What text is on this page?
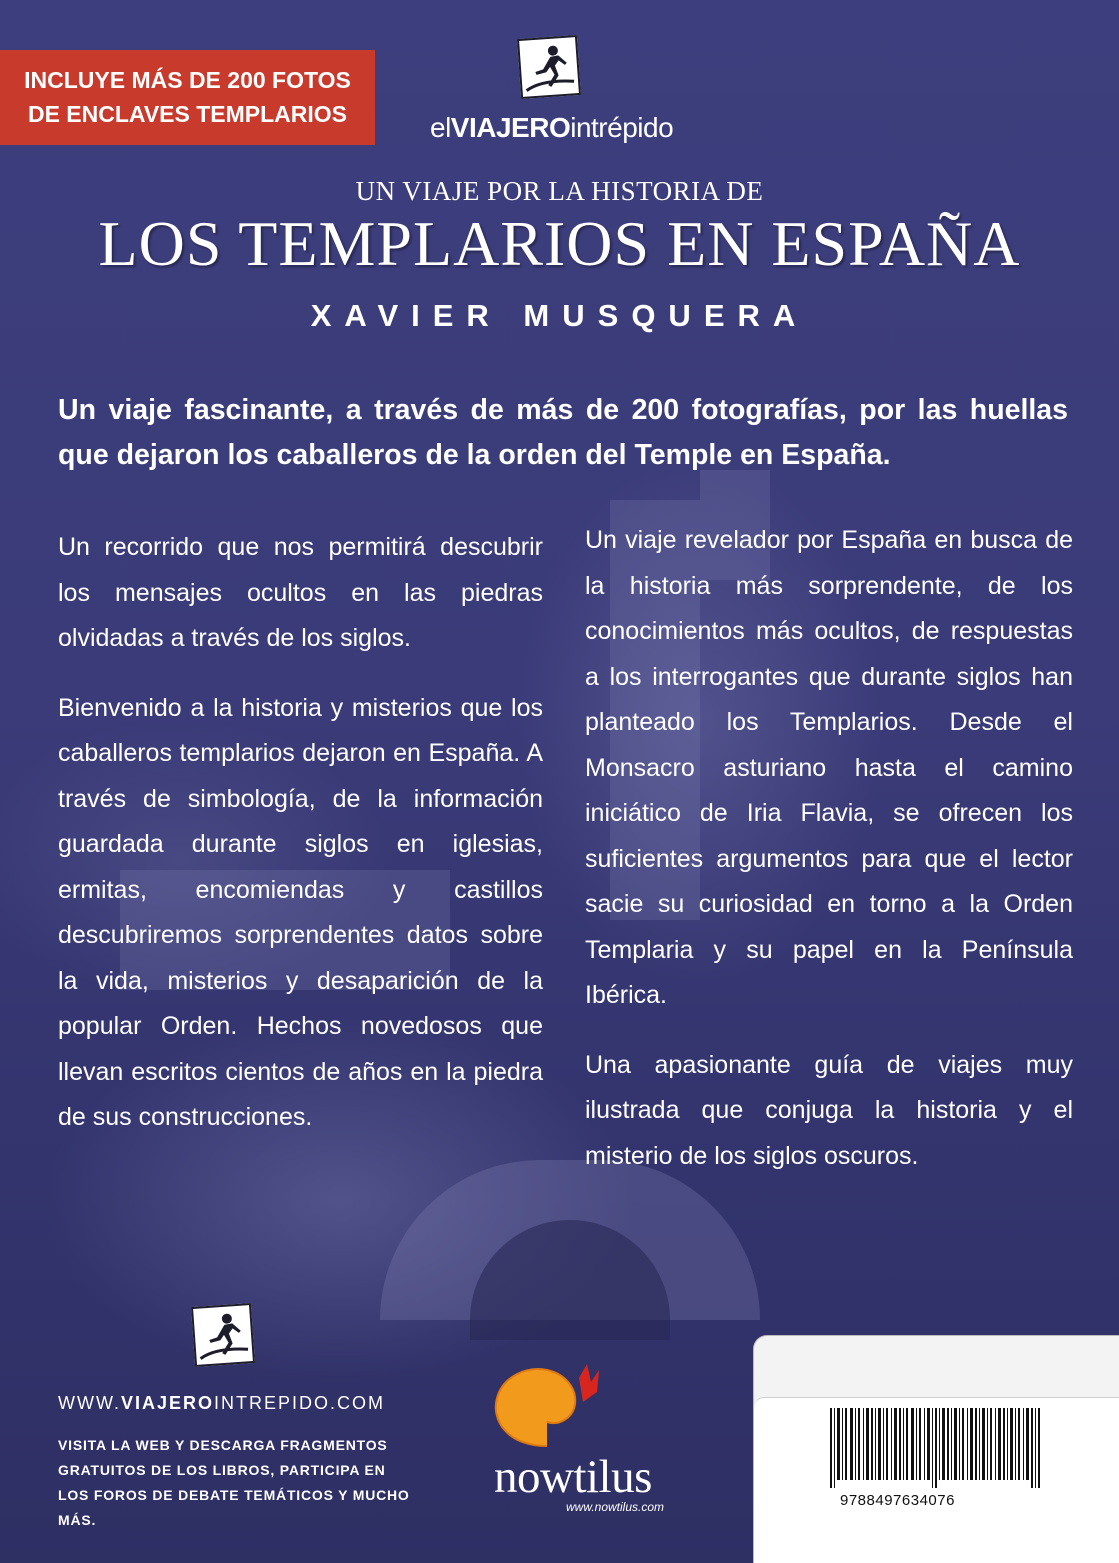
INCLUYE MÁS DE 200 FOTOS
DE ENCLAVES TEMPLARIOS	elVIAJEROintrépido
UN VIAJE POR LA HISTORIA DE
LOS TEMPLARIOS EN ESPAÑA
XAVIER MUSQUERA
Un viaje fascinante, a través de más de 200 fotografías, por las huellas que dejaron los caballeros de la orden del Temple en España.

Un recorrido que nos permitirá descubrir los mensajes ocultos en las piedras olvidadas a través de los siglos.

Bienvenido a la historia y misterios que los caballeros templarios dejaron en España. A través de simbología, de la información guardada durante siglos en iglesias, ermitas, encomiendas y castillos descubriremos sorprendentes datos sobre la vida, misterios y desaparición de la popular Orden. Hechos novedosos que llevan escritos cientos de años en la piedra de sus construcciones.

Un viaje revelador por España en busca de la historia más sorprendente, de los conocimientos más ocultos, de respuestas a los interrogantes que durante siglos han planteado los Templarios. Desde el Monsacro asturiano hasta el camino iniciático de Iria Flavia, se ofrecen los suficientes argumentos para que el lector sacie su curiosidad en torno a la Orden Templaria y su papel en la Península Ibérica.

Una apasionante guía de viajes muy ilustrada que conjuga la historia y el misterio de los siglos oscuros.

WWW.VIAJEROINTREPIDO.COM
VISITA LA WEB Y DESCARGA FRAGMENTOS GRATUITOS DE LOS LIBROS, PARTICIPA EN LOS FOROS DE DEBATE TEMÁTICOS Y MUCHO MÁS.
nowtilus
www.nowtilus.com	9788497634076
